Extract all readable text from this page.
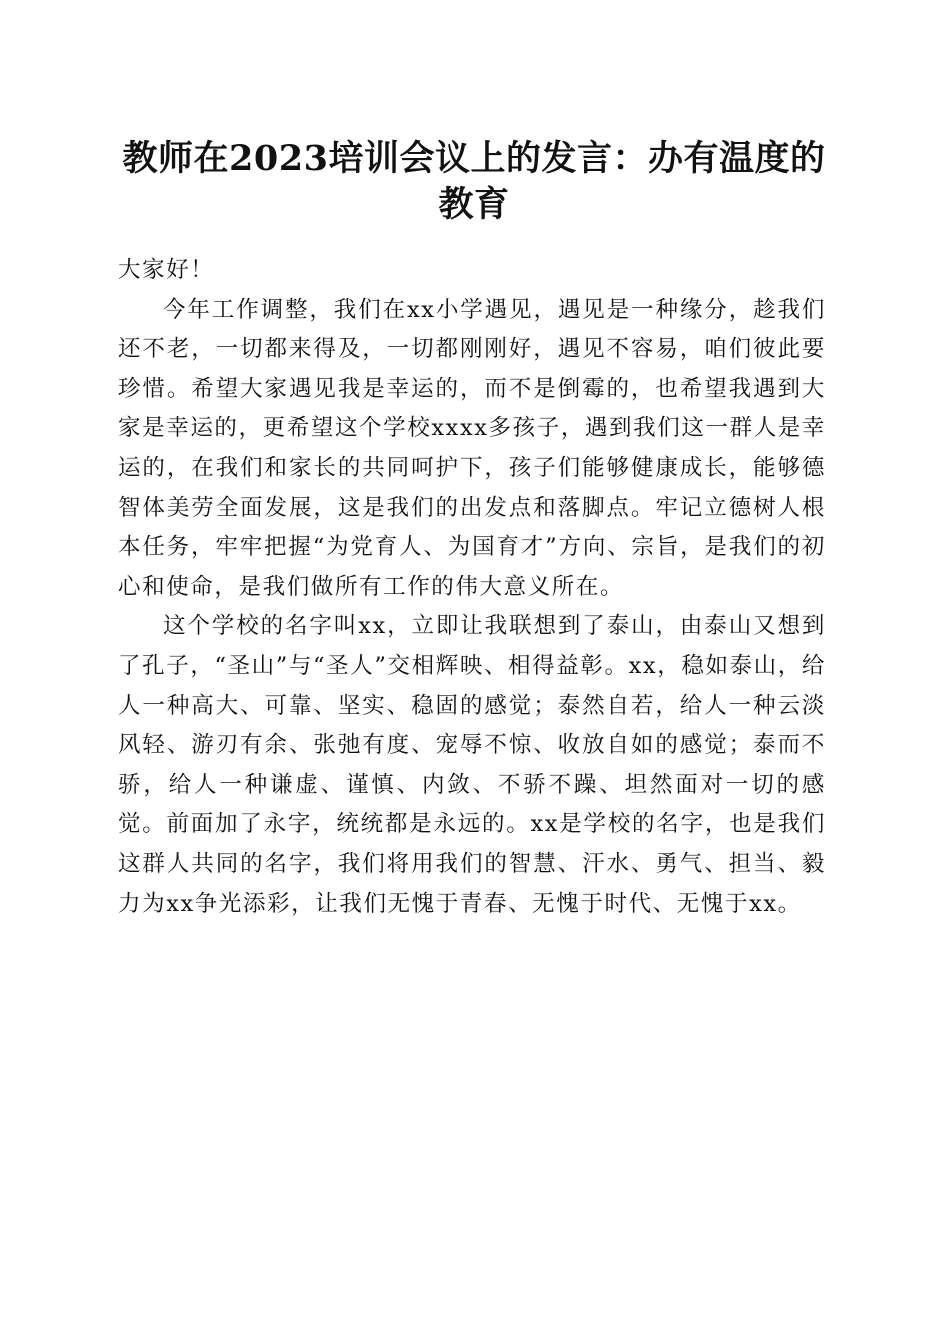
教师在2023培训会议上的发言：办有温度的教育

大家好！

今年工作调整，我们在xx小学遇见，遇见是一种缘分，趁我们还不老，一切都来得及，一切都刚刚好，遇见不容易，咱们彼此要珍惜。希望大家遇见我是幸运的，而不是倒霉的，也希望我遇到大家是幸运的，更希望这个学校xxxx多孩子，遇到我们这一群人是幸运的，在我们和家长的共同呵护下，孩子们能够健康成长，能够德智体美劳全面发展，这是我们的出发点和落脚点。牢记立德树人根本任务，牢牢把握“为党育人、为国育才”方向、宗旨，是我们的初心和使命，是我们做所有工作的伟大意义所在。

这个学校的名字叫xx，立即让我联想到了泰山，由泰山又想到了孔子，“圣山”与“圣人”交相辉映、相得益彰。xx，稳如泰山，给人一种高大、可靠、坚实、稳固的感觉；泰然自若，给人一种云淡风轻、游刃有余、张弛有度、宠辱不惊、收放自如的感觉；泰而不骄，给人一种谦虚、谨慎、内敛、不骄不躁、坦然面对一切的感觉。前面加了永字，统统都是永远的。xx是学校的名字，也是我们这群人共同的名字，我们将用我们的智慧、汗水、勇气、担当、毅力为xx争光添彩，让我们无愧于青春、无愧于时代、无愧于xx。
